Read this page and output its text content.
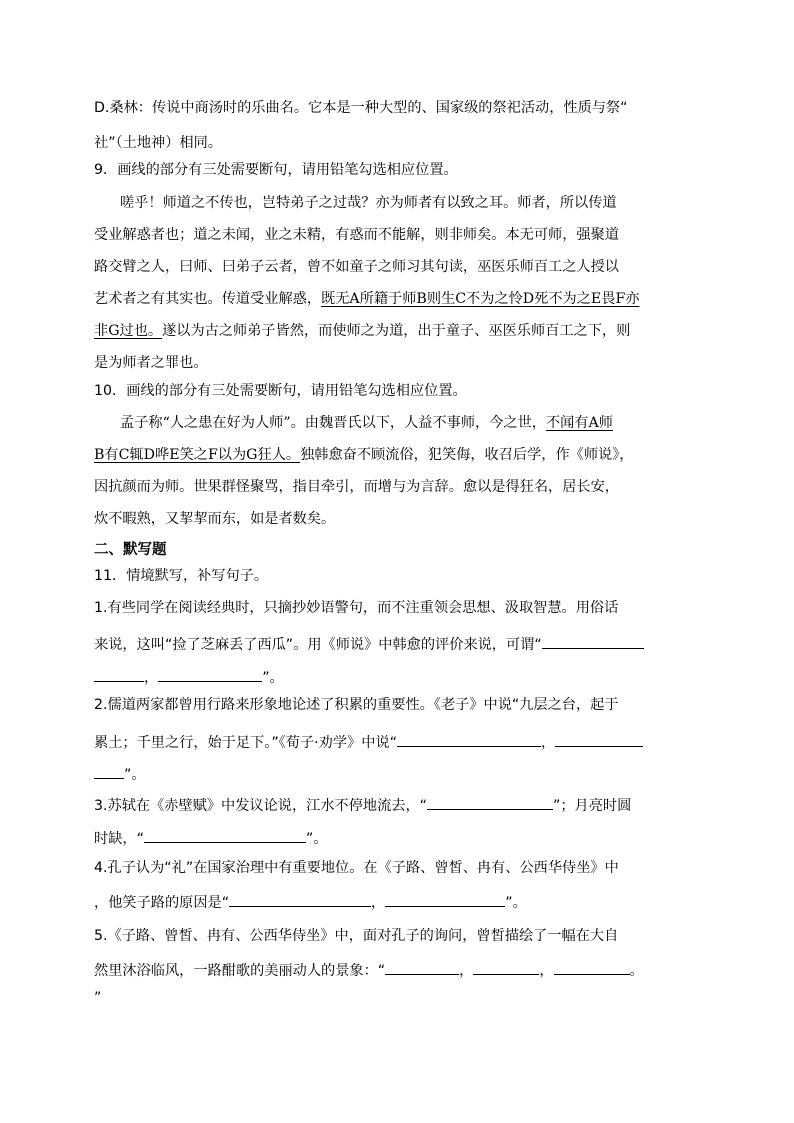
D.桑林：传说中商汤时的乐曲名。它本是一种大型的、国家级的祭祀活动，性质与祭“
社”（土地神）相同。
9．画线的部分有三处需要断句，请用铅笔勾选相应位置。
嗟乎！师道之不传也，岂特弟子之过哉？亦为师者有以致之耳。师者，所以传道
受业解惑者也；道之未闻，业之未精，有惑而不能解，则非师矣。本无可师，强聚道
路交臂之人，曰师、曰弟子云者，曾不如童子之师习其句读，巫医乐师百工之人授以
艺术者之有其实也。传道受业解惑，既无A所籍于师B则生C不为之怜D死不为之E畏F亦
非G过也。遂以为古之师弟子皆然，而使师之为道，出于童子、巫医乐师百工之下，则
是为师者之罪也。
10．画线的部分有三处需要断句，请用铅笔勾选相应位置。
孟子称“人之患在好为人师”。由魏晋氏以下，人益不事师，今之世，不闻有A师
B有C辄D哗E笑之F以为G狂人。独韩愈奋不顾流俗，犯笑侮，收召后学，作《师说》，
因抗颜而为师。世果群怪聚骂，指目牵引，而增与为言辞。愈以是得狂名，居长安，
炊不暇熟，又挈挈而东，如是者数矣。
二、默写题
11．情境默写，补写句子。
1.有些同学在阅读经典时，只摘抄妙语警句，而不注重领会思想、汲取智慧。用俗话
来说，这叫“捡了芝麻丢了西瓜”。用《师说》中韩愈的评价来说，可谓“
，	”。
2.儒道两家都曾用行路来形象地论述了积累的重要性。《老子》中说“九层之台，起于
累土；千里之行，始于足下。”《荀子·劝学》中说“	，
”。
3.苏轼在《赤壁赋》中发议论说，江水不停地流去，“	”；月亮时圆
时缺，“	”。
4.孔子认为“礼”在国家治理中有重要地位。在《子路、曾皙、冉有、公西华侍坐》中
，他笑子路的原因是“	，	”。
5.《子路、曾皙、冉有、公西华侍坐》中，面对孔子的询问，曾皙描绘了一幅在大自
然里沐浴临风，一路酣歌的美丽动人的景象：“	，	，	。
”
